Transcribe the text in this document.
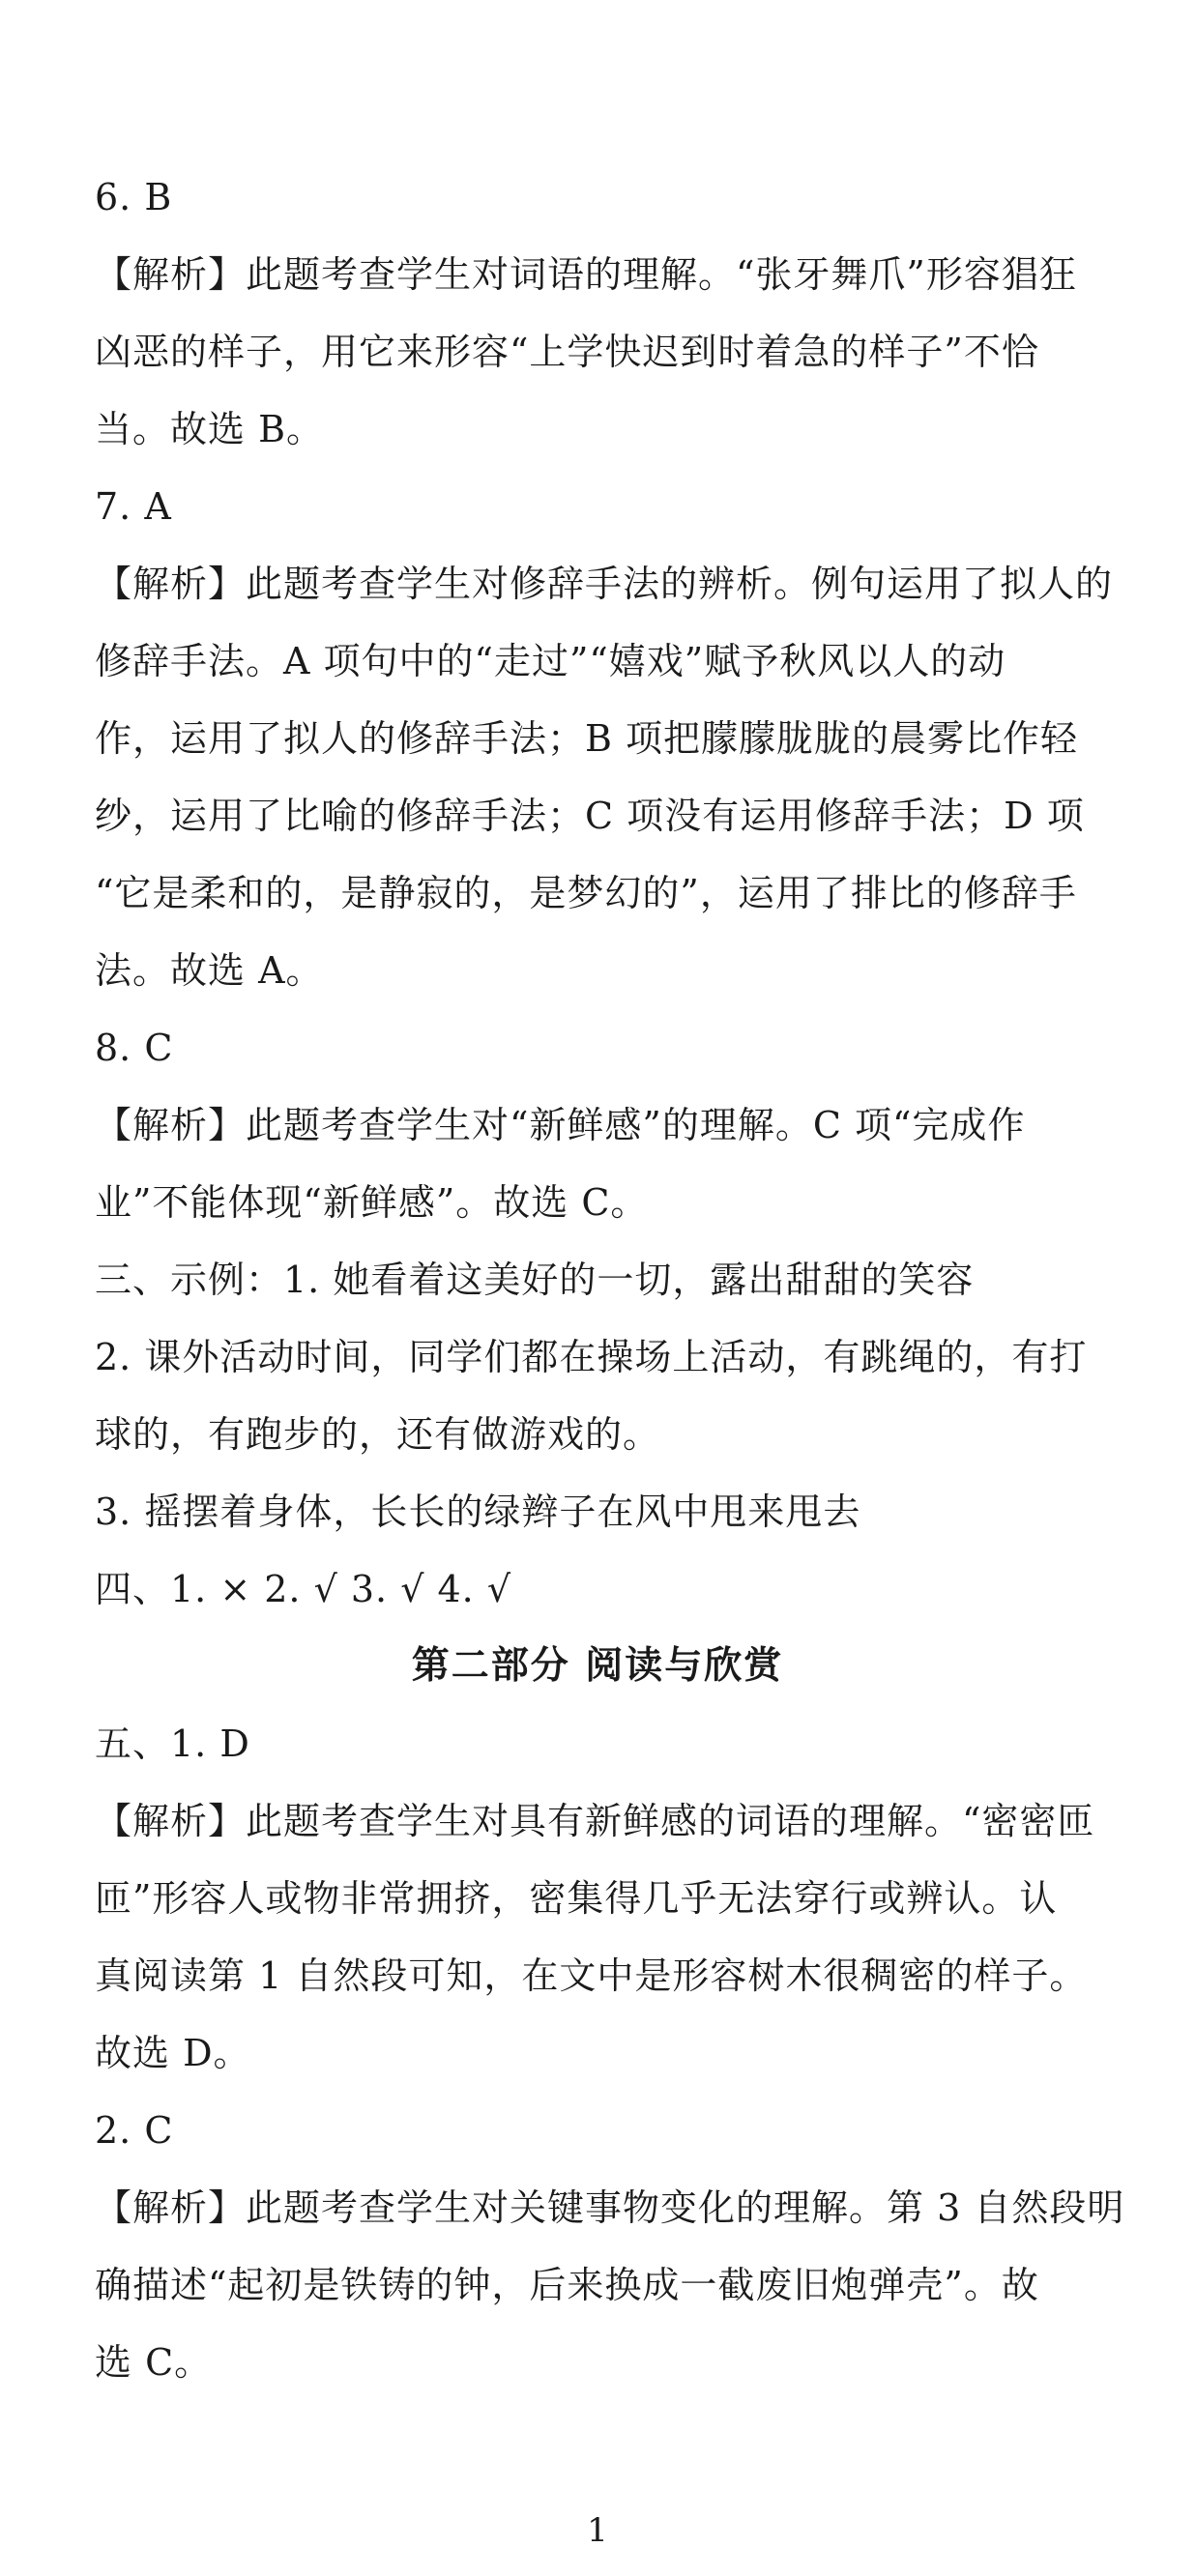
6. B
【解析】此题考查学生对词语的理解。“张牙舞爪”形容猖狂
凶恶的样子，用它来形容“上学快迟到时着急的样子”不恰
当。故选 B。
7. A
【解析】此题考查学生对修辞手法的辨析。例句运用了拟人的
修辞手法。A 项句中的“走过”“嬉戏”赋予秋风以人的动
作，运用了拟人的修辞手法；B 项把朦朦胧胧的晨雾比作轻
纱，运用了比喻的修辞手法；C 项没有运用修辞手法；D 项
“它是柔和的，是静寂的，是梦幻的”，运用了排比的修辞手
法。故选 A。
8. C
【解析】此题考查学生对“新鲜感”的理解。C 项“完成作
业”不能体现“新鲜感”。故选 C。
三、示例：1. 她看着这美好的一切，露出甜甜的笑容
2. 课外活动时间，同学们都在操场上活动，有跳绳的，有打
球的，有跑步的，还有做游戏的。
3. 摇摆着身体，长长的绿辫子在风中甩来甩去
四、1. × 2. √ 3. √ 4. √
第二部分 阅读与欣赏
五、1. D
【解析】此题考查学生对具有新鲜感的词语的理解。“密密匝
匝”形容人或物非常拥挤，密集得几乎无法穿行或辨认。认
真阅读第 1 自然段可知，在文中是形容树木很稠密的样子。
故选 D。
2. C
【解析】此题考查学生对关键事物变化的理解。第 3 自然段明
确描述“起初是铁铸的钟，后来换成一截废旧炮弹壳”。故
选 C。
1
